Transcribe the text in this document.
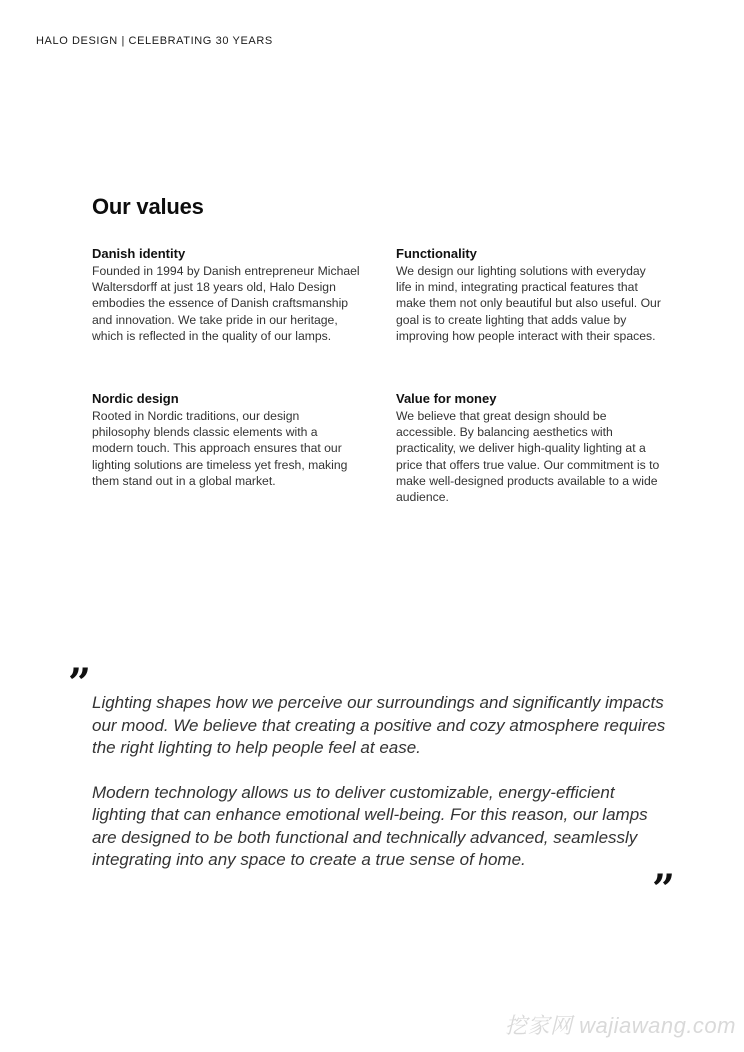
HALO DESIGN | CELEBRATING 30 YEARS
Our values
Danish identity

Founded in 1994 by Danish entrepreneur Michael Waltersdorff at just 18 years old, Halo Design embodies the essence of Danish craftsmanship and innovation. We take pride in our heritage, which is reflected in the quality of our lamps.

Functionality

We design our lighting solutions with everyday life in mind, integrating practical features that make them not only beautiful but also useful. Our goal is to create lighting that adds value by improving how people interact with their spaces.

Nordic design

Rooted in Nordic traditions, our design philosophy blends classic elements with a modern touch. This approach ensures that our lighting solutions are timeless yet fresh, making them stand out in a global market.

Value for money

We believe that great design should be accessible. By balancing aesthetics with practicality, we deliver high-quality lighting at a price that offers true value. Our commitment is to make well-designed products available to a wide audience.

” Lighting shapes how we perceive our surroundings and significantly impacts our mood. We believe that creating a positive and cozy atmosphere requires the right lighting to help people feel at ease.

Modern technology allows us to deliver customizable, energy-efficient lighting that can enhance emotional well-being. For this reason, our lamps are designed to be both functional and technically advanced, seamlessly integrating into any space to create a true sense of home.

”
挖家网 wajiawang.com
